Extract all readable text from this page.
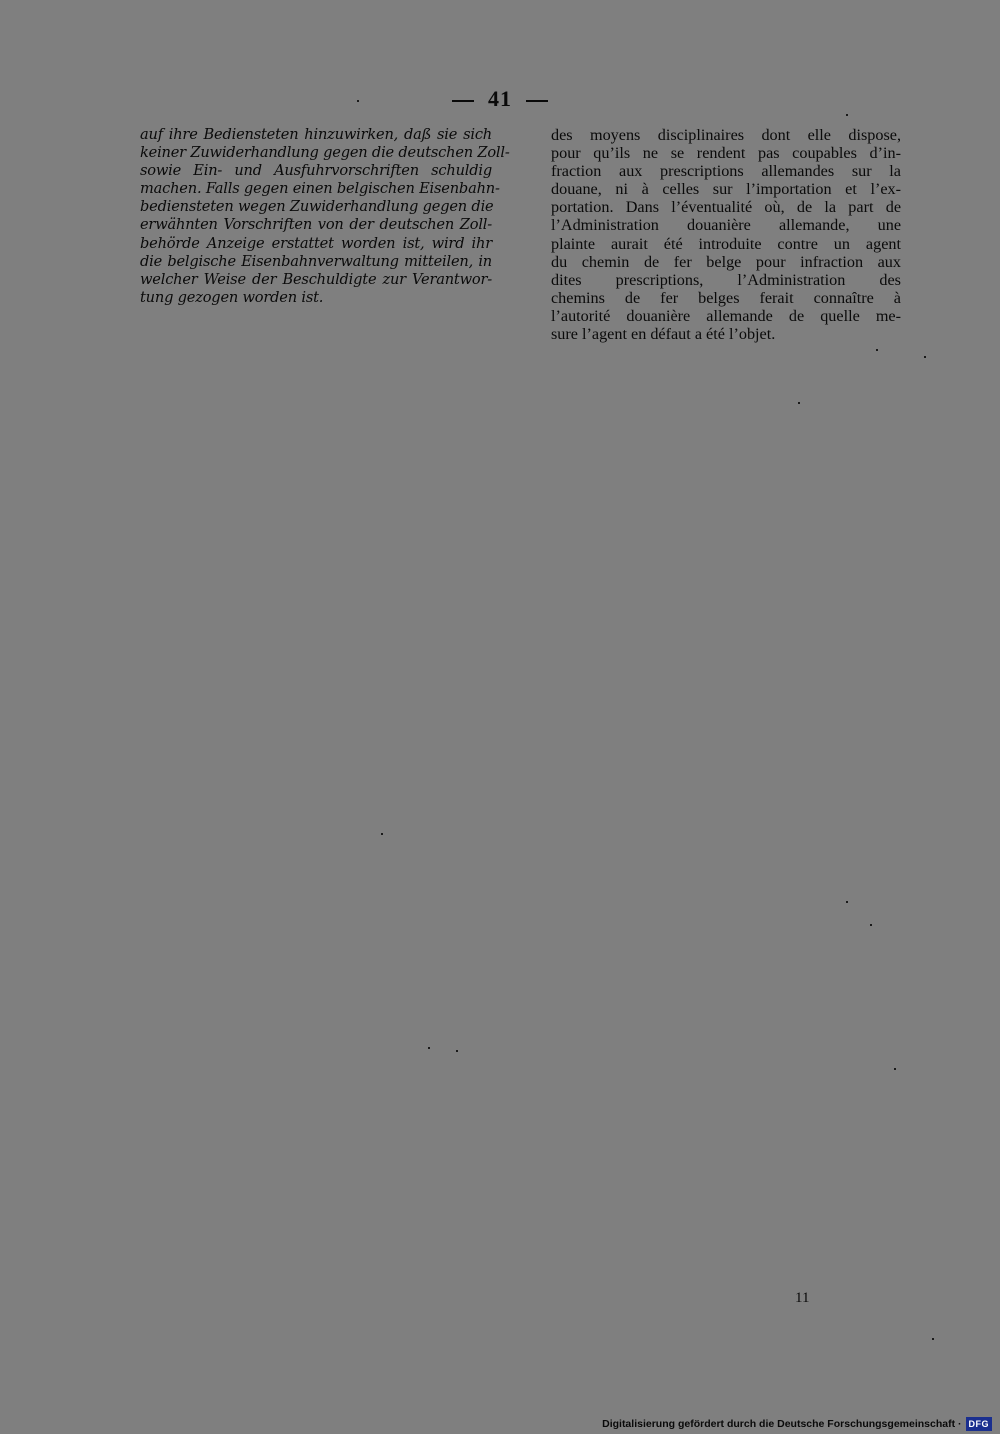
41
auf ihre Bediensteten hinzuwirken, daß sie sich
keiner Zuwiderhandlung gegen die deutschen Zoll-
sowie Ein- und Ausfuhrvorschriften schuldig
machen. Falls gegen einen belgischen Eisenbahn-
bediensteten wegen Zuwiderhandlung gegen die
erwähnten Vorschriften von der deutschen Zoll-
behörde Anzeige erstattet worden ist, wird ihr
die belgische Eisenbahnverwaltung mitteilen, in
welcher Weise der Beschuldigte zur Verantwor-
tung gezogen worden ist.
des moyens disciplinaires dont elle dispose,
pour qu’ils ne se rendent pas coupables d’in-
fraction aux prescriptions allemandes sur la
douane, ni à celles sur l’importation et l’ex-
portation. Dans l’éventualité où, de la part de
l’Administration douanière allemande, une
plainte aurait été introduite contre un agent
du chemin de fer belge pour infraction aux
dites prescriptions, l’Administration des
chemins de fer belges ferait connaître à
l’autorité douanière allemande de quelle me-
sure l’agent en défaut a été l’objet.
11
Digitalisierung gefördert durch die Deutsche Forschungsgemeinschaft · DFG
